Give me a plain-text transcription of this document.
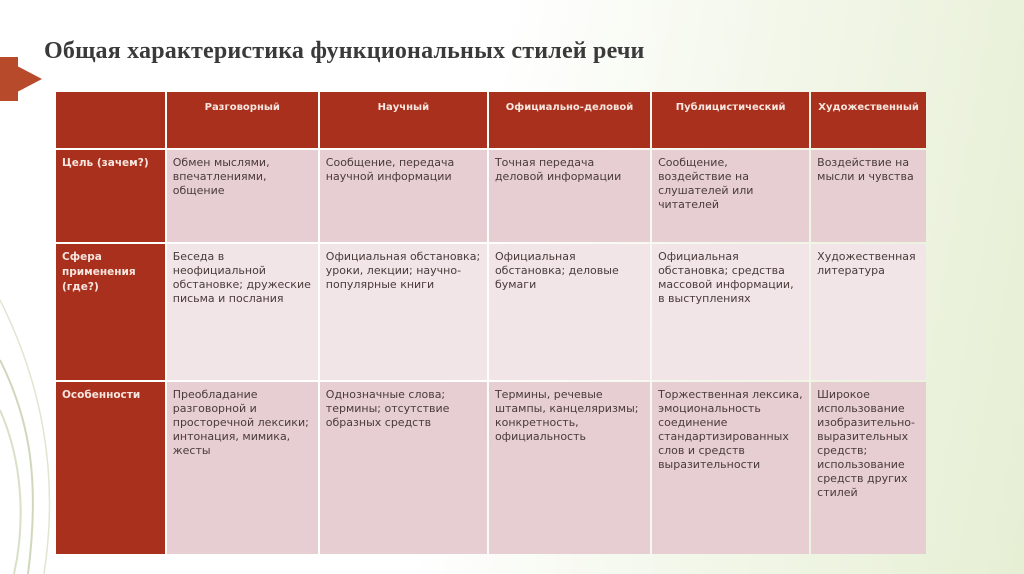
Общая характеристика функциональных стилей речи
	Разговорный	Научный	Официально-деловой	Публицистический	Художественный
Цель (зачем?)	Обмен мыслями, впечатлениями, общение	Сообщение, передача научной информации	Точная передача деловой информации	Сообщение, воздействие на слушателей или читателей	Воздействие на мысли и чувства
Сфера применения (где?)	Беседа в неофициальной обстановке; дружеские письма и послания	Официальная обстановка; уроки, лекции; научно-популярные книги	Официальная обстановка; деловые бумаги	Официальная обстановка; средства массовой информации, в выступлениях	Художественная литература
Особенности	Преобладание разговорной и просторечной лексики; интонация, мимика, жесты	Однозначные слова; термины; отсутствие образных средств	Термины, речевые штампы, канцеляризмы; конкретность, официальность	Торжественная лексика, эмоциональность соединение стандартизированных слов и средств выразительности	Широкое использование изобразительно-выразительных средств; использование средств других стилей
